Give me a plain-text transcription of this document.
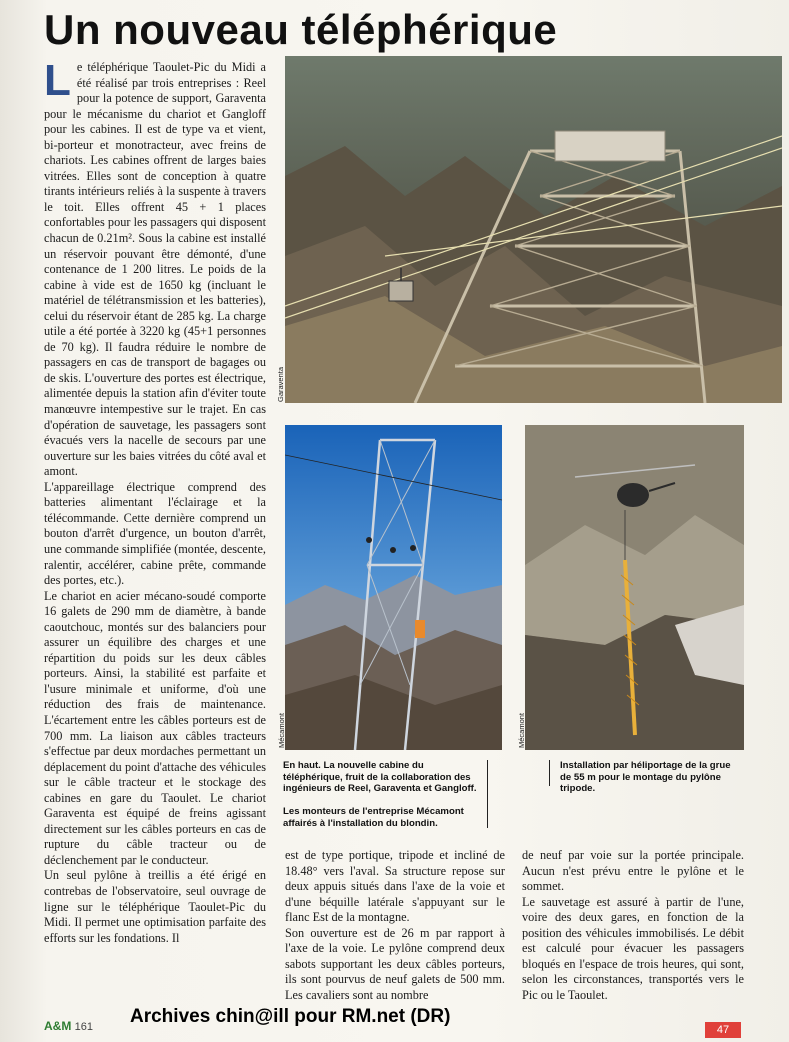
Un nouveau téléphérique

Le téléphérique Taoulet-Pic du Midi a été réalisé par trois entreprises : Reel pour la potence de support, Garaventa pour le mécanisme du chariot et Gangloff pour les cabines. Il est de type va et vient, bi-porteur et monotracteur, avec freins de chariots. Les cabines offrent de larges baies vitrées. Elles sont de conception à quatre tirants intérieurs reliés à la suspente à travers le toit. Elles offrent 45 + 1 places confortables pour les passagers qui disposent chacun de 0.21m². Sous la cabine est installé un réservoir pouvant être démonté, d'une contenance de 1 200 litres. Le poids de la cabine à vide est de 1650 kg (incluant le matériel de télétransmission et les batteries), celui du réservoir étant de 285 kg. La charge utile a été portée à 3220 kg (45+1 personnes de 70 kg). Il faudra réduire le nombre de passagers en cas de transport de bagages ou de skis. L'ouverture des portes est électrique, alimentée depuis la station afin d'éviter toute manœuvre intempestive sur le trajet. En cas d'opération de sauvetage, les passagers sont évacués vers la nacelle de secours par une ouverture sur les baies vitrées du côté aval et amont.

L'appareillage électrique comprend des batteries alimentant l'éclairage et la télécommande. Cette dernière comprend un bouton d'arrêt d'urgence, un bouton d'arrêt, une commande simplifiée (montée, descente, ralentir, accélérer, cabine prête, commande des portes, etc.).

Le chariot en acier mécano-soudé comporte 16 galets de 290 mm de diamètre, à bande caoutchouc, montés sur des balanciers pour assurer un équilibre des charges et une répartition du poids sur les deux câbles porteurs. Ainsi, la stabilité est parfaite et l'usure minimale et uniforme, d'où une réduction des frais de maintenance. L'écartement entre les câbles porteurs est de 700 mm. La liaison aux câbles tracteurs s'effectue par deux mordaches permettant un déplacement du point d'attache des véhicules sur le câble tracteur et le stockage des cabines en gare du Taoulet. Le chariot Garaventa est équipé de freins agissant directement sur les câbles porteurs en cas de rupture du câble tracteur ou de déclenchement par le conducteur.

Un seul pylône à treillis a été érigé en contrebas de l'observatoire, seul ouvrage de ligne sur le téléphérique Taoulet-Pic du Midi. Il permet une optimisation parfaite des efforts sur les fondations. Il

Garaventa
Mécamont	Mécamont
En haut. La nouvelle cabine du téléphérique, fruit de la collaboration des ingénieurs de Reel, Garaventa et Gangloff.
Les monteurs de l'entreprise Mécamont affairés à l'installation du blondin.
Installation par héliportage de la grue de 55 m pour le montage du pylône tripode.

est de type portique, tripode et incliné de 18.48° vers l'aval. Sa structure repose sur deux appuis situés dans l'axe de la voie et d'une béquille latérale s'appuyant sur le flanc Est de la montagne.

Son ouverture est de 26 m par rapport à l'axe de la voie. Le pylône comprend deux sabots supportant les deux câbles porteurs, ils sont pourvus de neuf galets de 500 mm. Les cavaliers sont au nombre

de neuf par voie sur la portée principale. Aucun n'est prévu entre le pylône et le sommet.

Le sauvetage est assuré à partir de l'une, voire des deux gares, en fonction de la position des véhicules immobilisés. Le débit est calculé pour évacuer les passagers bloqués en l'espace de trois heures, qui sont, selon les circonstances, transportés vers le Pic ou le Taoulet.

A&M 161 Archives chin@ill pour RM.net (DR)
47
